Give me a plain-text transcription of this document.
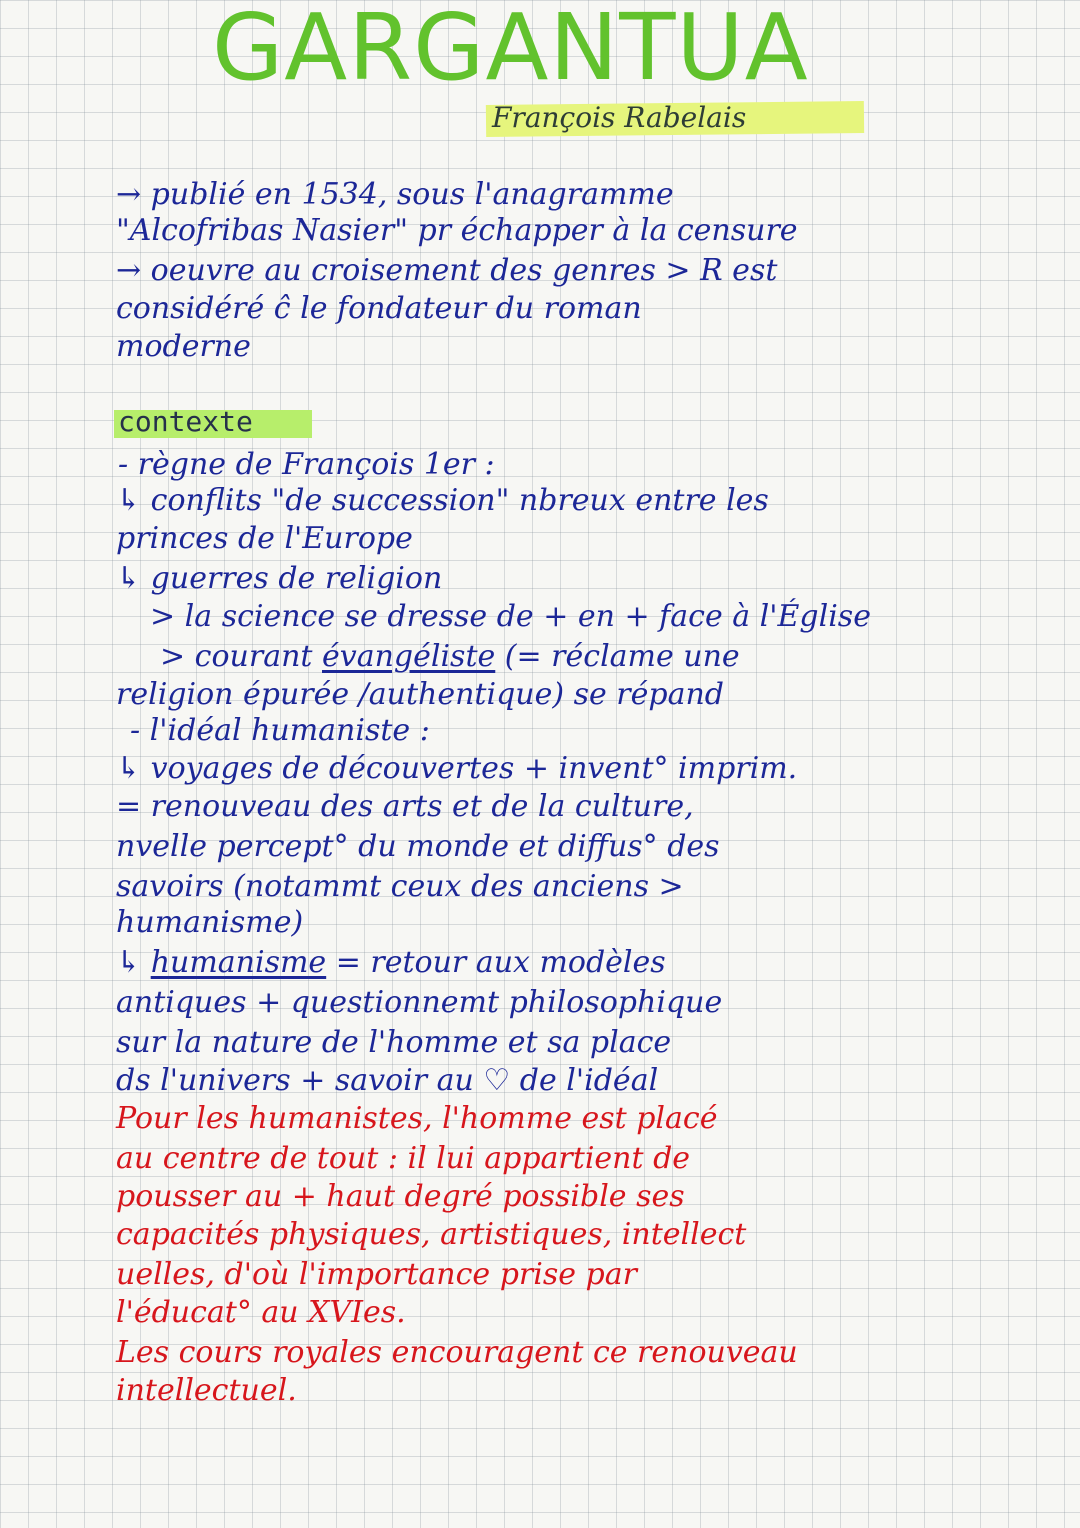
GARGANTUA
François Rabelais
→ publié en 1534, sous l'anagramme
"Alcofribas Nasier" pr échapper à la censure
→ oeuvre au croisement des genres > R est
considéré ĉ le fondateur du roman
moderne
contexte
- règne de François 1er :
↳ conflits "de succession" nbreux entre les
princes de l'Europe
↳ guerres de religion
> la science se dresse de + en + face à l'Église
> courant évangéliste (= réclame une
religion épurée /authentique) se répand
- l'idéal humaniste :
↳ voyages de découvertes + invent° imprim.
= renouveau des arts et de la culture,
nvelle percept° du monde et diffus° des
savoirs (notammt ceux des anciens >
humanisme)
↳ humanisme = retour aux modèles
antiques + questionnemt philosophique
sur la nature de l'homme et sa place
ds l'univers + savoir au ♡ de l'idéal
Pour les humanistes, l'homme est placé
au centre de tout : il lui appartient de
pousser au + haut degré possible ses
capacités physiques, artistiques, intellect
uelles, d'où l'importance prise par
l'éducat° au XVIes.
Les cours royales encouragent ce renouveau
intellectuel.
